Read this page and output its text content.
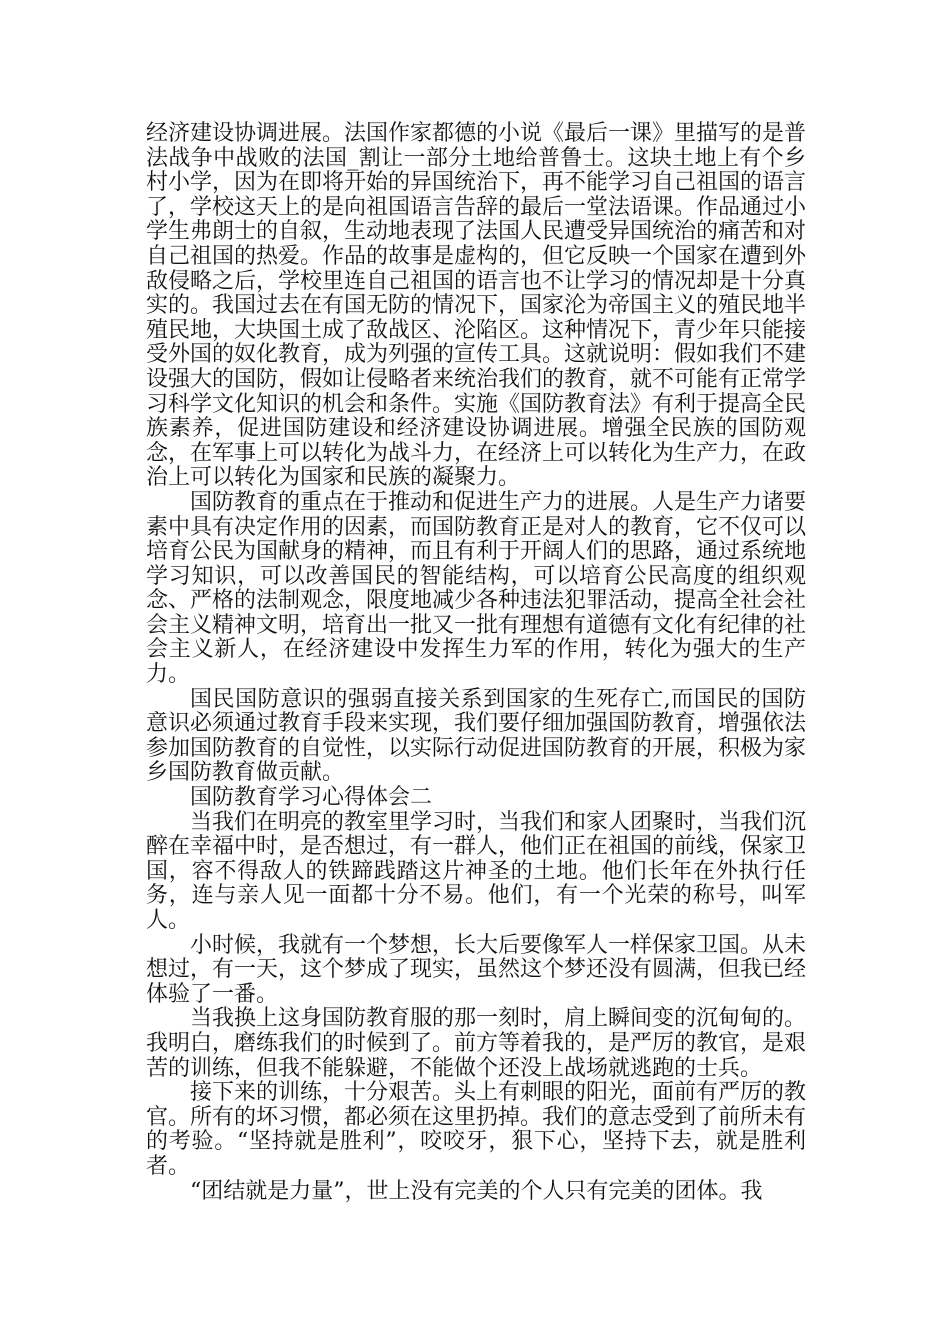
经济建设协调进展。法国作家都德的小说《最后一课》里描写的是普法战争中战败的法国_割让一部分土地给普鲁士。这块土地上有个乡村小学，因为在即将开始的异国统治下，再不能学习自己祖国的语言了，学校这天上的是向祖国语言告辞的最后一堂法语课。作品通过小学生弗朗士的自叙，生动地表现了法国人民遭受异国统治的痛苦和对自己祖国的热爱。作品的故事是虚构的，但它反映一个国家在遭到外敌侵略之后，学校里连自己祖国的语言也不让学习的情况却是十分真实的。我国过去在有国无防的情况下，国家沦为帝国主义的殖民地半殖民地，大块国土成了敌战区、沦陷区。这种情况下，青少年只能接受外国的奴化教育，成为列强的宣传工具。这就说明：假如我们不建设强大的国防，假如让侵略者来统治我们的教育，就不可能有正常学习科学文化知识的机会和条件。实施《国防教育法》有利于提高全民族素养，促进国防建设和经济建设协调进展。增强全民族的国防观念，在军事上可以转化为战斗力，在经济上可以转化为生产力，在政治上可以转化为国家和民族的凝聚力。

国防教育的重点在于推动和促进生产力的进展。人是生产力诸要素中具有决定作用的因素，而国防教育正是对人的教育，它不仅可以培育公民为国献身的精神，而且有利于开阔人们的思路，通过系统地学习知识，可以改善国民的智能结构，可以培育公民高度的组织观念、严格的法制观念，限度地减少各种违法犯罪活动，提高全社会社会主义精神文明，培育出一批又一批有理想有道德有文化有纪律的社会主义新人，在经济建设中发挥生力军的作用，转化为强大的生产力。

国民国防意识的强弱直接关系到国家的生死存亡,而国民的国防意识必须通过教育手段来实现，我们要仔细加强国防教育，增强依法参加国防教育的自觉性，以实际行动促进国防教育的开展，积极为家乡国防教育做贡献。

国防教育学习心得体会二

当我们在明亮的教室里学习时，当我们和家人团聚时，当我们沉醉在幸福中时，是否想过，有一群人，他们正在祖国的前线，保家卫国，容不得敌人的铁蹄践踏这片神圣的土地。他们长年在外执行任务，连与亲人见一面都十分不易。他们，有一个光荣的称号，叫军人。

小时候，我就有一个梦想，长大后要像军人一样保家卫国。从未想过，有一天，这个梦成了现实，虽然这个梦还没有圆满，但我已经体验了一番。

当我换上这身国防教育服的那一刻时，肩上瞬间变的沉甸甸的。我明白，磨练我们的时候到了。前方等着我的，是严厉的教官，是艰苦的训练，但我不能躲避，不能做个还没上战场就逃跑的士兵。

接下来的训练，十分艰苦。头上有刺眼的阳光，面前有严厉的教官。所有的坏习惯，都必须在这里扔掉。我们的意志受到了前所未有的考验。“坚持就是胜利”，咬咬牙，狠下心，坚持下去，就是胜利者。

“团结就是力量”，世上没有完美的个人只有完美的团体。我
